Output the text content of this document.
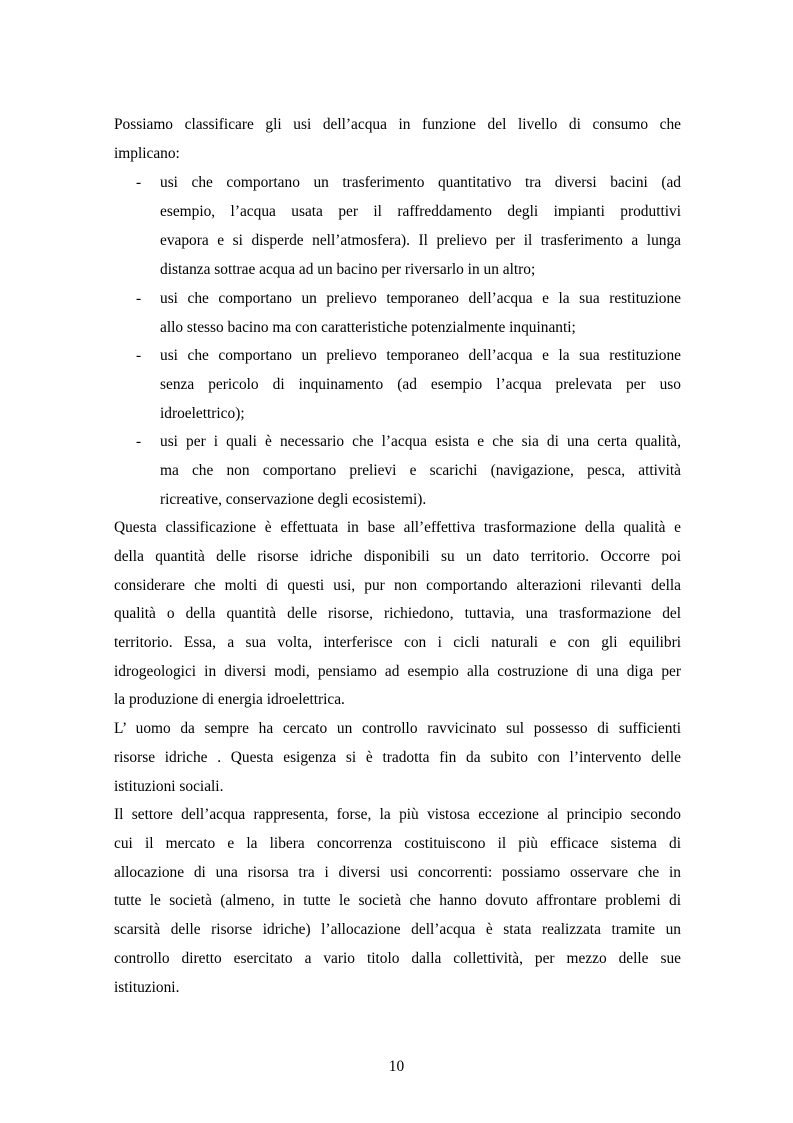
Possiamo classificare gli usi dell’acqua in funzione del livello di consumo che
implicano:
- usi che comportano un trasferimento quantitativo tra diversi bacini (ad
esempio, l’acqua usata per il raffreddamento degli impianti produttivi
evapora e si disperde nell’atmosfera). Il prelievo per il trasferimento a lunga
distanza sottrae acqua ad un bacino per riversarlo in un altro;
- usi che comportano un prelievo temporaneo dell’acqua e la sua restituzione
allo stesso bacino ma con caratteristiche potenzialmente inquinanti;
- usi che comportano un prelievo temporaneo dell’acqua e la sua restituzione
senza pericolo di inquinamento (ad esempio l’acqua prelevata per uso
idroelettrico);
- usi per i quali è necessario che l’acqua esista e che sia di una certa qualità,
ma che non comportano prelievi e scarichi (navigazione, pesca, attività
ricreative, conservazione degli ecosistemi).
Questa classificazione è effettuata in base all’effettiva trasformazione della qualità e
della quantità delle risorse idriche disponibili su un dato territorio. Occorre poi
considerare che molti di questi usi, pur non comportando alterazioni rilevanti della
qualità o della quantità delle risorse, richiedono, tuttavia, una trasformazione del
territorio. Essa, a sua volta, interferisce con i cicli naturali e con gli equilibri
idrogeologici in diversi modi, pensiamo ad esempio alla costruzione di una diga per
la produzione di energia idroelettrica.
L’ uomo da sempre ha cercato un controllo ravvicinato sul possesso di sufficienti
risorse idriche . Questa esigenza si è tradotta fin da subito con l’intervento delle
istituzioni sociali.
Il settore dell’acqua rappresenta, forse, la più vistosa eccezione al principio secondo
cui il mercato e la libera concorrenza costituiscono il più efficace sistema di
allocazione di una risorsa tra i diversi usi concorrenti: possiamo osservare che in
tutte le società (almeno, in tutte le società che hanno dovuto affrontare problemi di
scarsità delle risorse idriche) l’allocazione dell’acqua è stata realizzata tramite un
controllo diretto esercitato a vario titolo dalla collettività, per mezzo delle sue
istituzioni.
10
